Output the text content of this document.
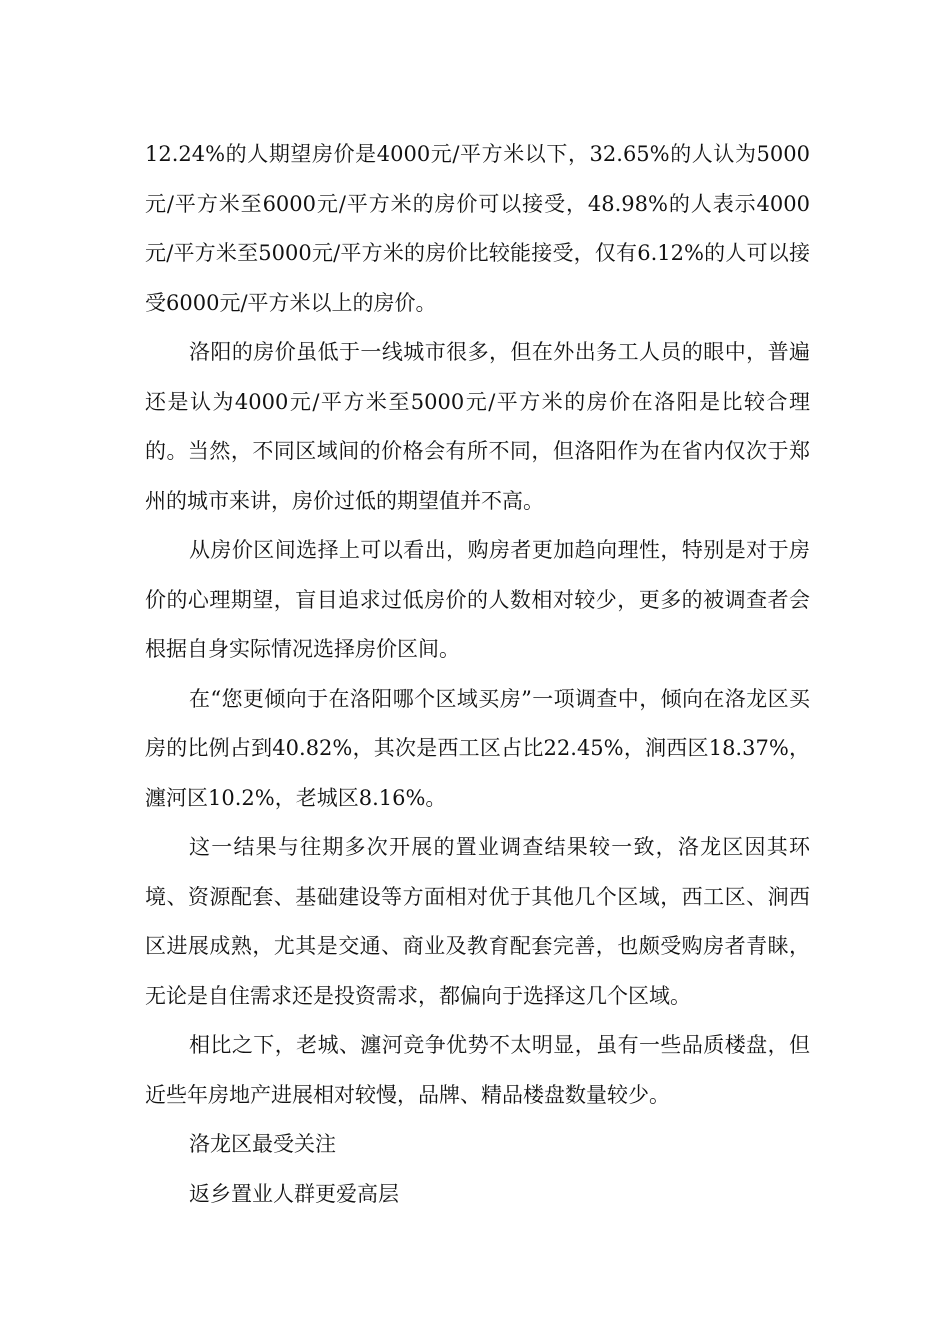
12.24%的人期望房价是4000元/平方米以下，32.65%的人认为5000元/平方米至6000元/平方米的房价可以接受，48.98%的人表示4000元/平方米至5000元/平方米的房价比较能接受，仅有6.12%的人可以接受6000元/平方米以上的房价。

洛阳的房价虽低于一线城市很多，但在外出务工人员的眼中，普遍还是认为4000元/平方米至5000元/平方米的房价在洛阳是比较合理的。当然，不同区域间的价格会有所不同，但洛阳作为在省内仅次于郑州的城市来讲，房价过低的期望值并不高。

从房价区间选择上可以看出，购房者更加趋向理性，特别是对于房价的心理期望，盲目追求过低房价的人数相对较少，更多的被调查者会根据自身实际情况选择房价区间。

在“您更倾向于在洛阳哪个区域买房”一项调查中，倾向在洛龙区买房的比例占到40.82%，其次是西工区占比22.45%，涧西区18.37%，瀍河区10.2%，老城区8.16%。

这一结果与往期多次开展的置业调查结果较一致，洛龙区因其环境、资源配套、基础建设等方面相对优于其他几个区域，西工区、涧西区进展成熟，尤其是交通、商业及教育配套完善，也颇受购房者青睐，无论是自住需求还是投资需求，都偏向于选择这几个区域。

相比之下，老城、瀍河竞争优势不太明显，虽有一些品质楼盘，但近些年房地产进展相对较慢，品牌、精品楼盘数量较少。

洛龙区最受关注

返乡置业人群更爱高层
